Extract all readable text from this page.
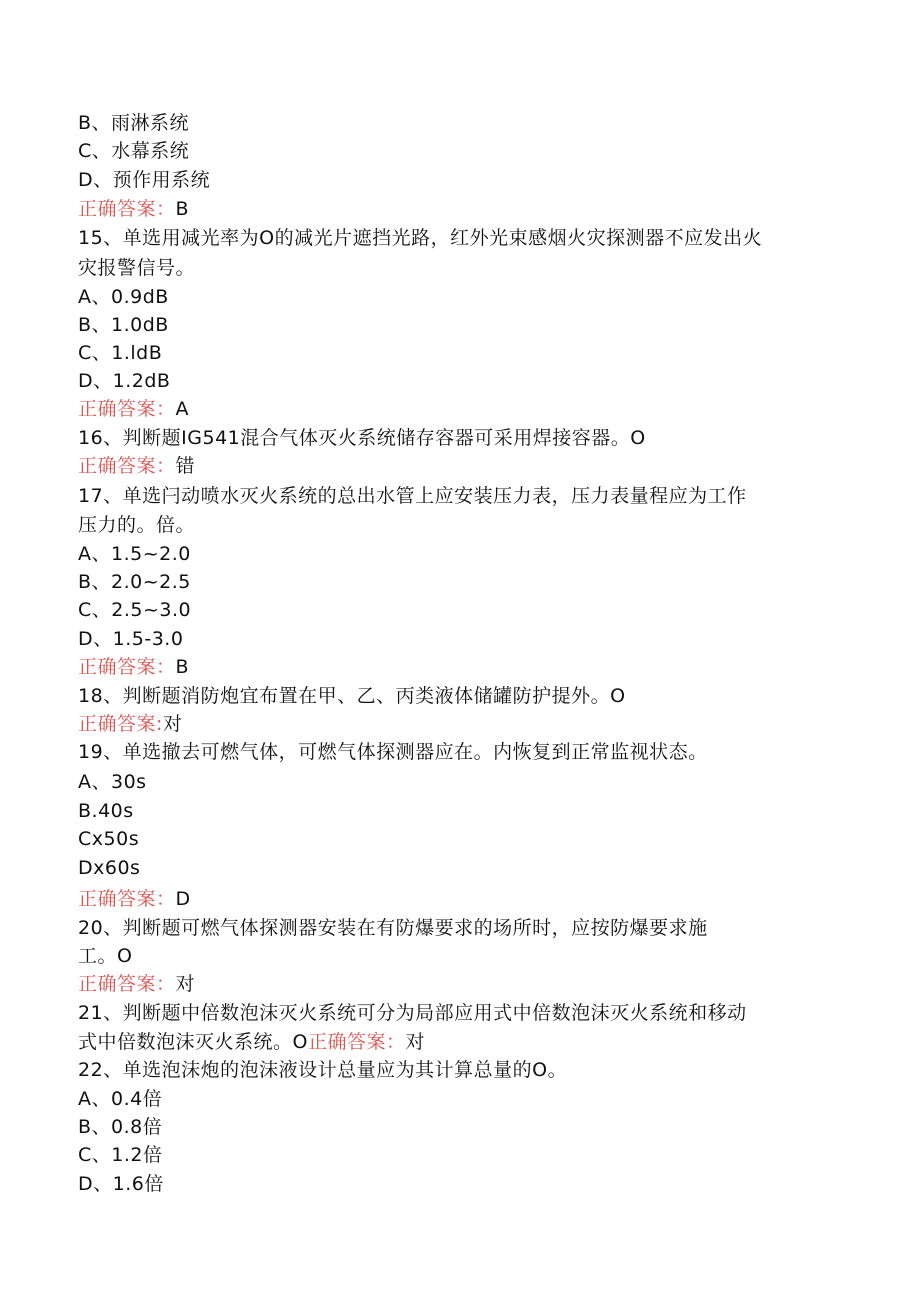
B、雨淋系统
C、水幕系统
D、预作用系统
正确答案：B
15、单选用减光率为O的减光片遮挡光路，红外光束感烟火灾探测器不应发出火
灾报警信号。
A、0.9dB
B、1.0dB
C、1.ldB
D、1.2dB
正确答案：A
16、判断题IG541混合气体灭火系统储存容器可采用焊接容器。O
正确答案：错
17、单选闩动喷水灭火系统的总出水管上应安装压力表，压力表量程应为工作
压力的。倍。
A、1.5~2.0
B、2.0~2.5
C、2.5~3.0
D、1.5-3.0
正确答案：B
18、判断题消防炮宜布置在甲、乙、丙类液体储罐防护提外。O
正确答案:对
19、单选撤去可燃气体，可燃气体探测器应在。内恢复到正常监视状态。
A、30s
B.40s
Cx50s
Dx60s
正确答案：D
20、判断题可燃气体探测器安装在有防爆要求的场所时，应按防爆要求施
工。O
正确答案：对
21、判断题中倍数泡沫灭火系统可分为局部应用式中倍数泡沫灭火系统和移动
式中倍数泡沫灭火系统。O正确答案：对
22、单选泡沫炮的泡沫液设计总量应为其计算总量的O。
A、0.4倍
B、0.8倍
C、1.2倍
D、1.6倍
